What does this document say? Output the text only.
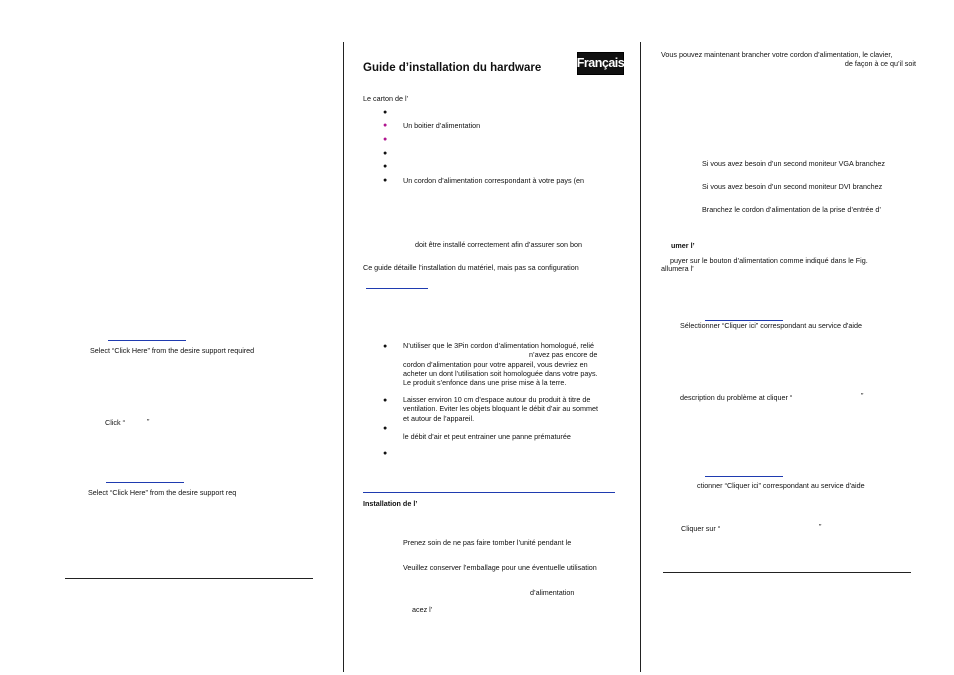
Select “Click Here” from the desire support required
Click “	”
Select “Click Here” from the desire support req
Guide d’installation du hardware	Français
Le carton de l’
●
● Un boitier d’alimentation
●
●
●
● Un cordon d’alimentation correspondant à votre pays (en
doit être installé correctement afin d’assurer son bon
Ce guide détaille l’installation du matériel, mais pas sa configuration
● N’utiliser que le 3Pin cordon d’alimentation homologué, relié
n’avez pas encore de
cordon d’alimentation pour votre appareil, vous devriez en
acheter un dont l’utilisation soit homologuée dans votre pays.
Le produit s’enfonce dans une prise mise à la terre.
● Laisser environ 10 cm d’espace autour du produit à titre de
ventilation. Eviter les objets bloquant le débit d’air au sommet
et autour de l’appareil.
●
le débit d’air et peut entrainer une panne prématurée
●
Installation de l’
Prenez soin de ne pas faire tomber l’unité pendant le
Veuillez conserver l’emballage pour une éventuelle utilisation
d’alimentation
acez l’
Vous pouvez maintenant brancher votre cordon d’alimentation, le clavier,
de façon à ce qu’il soit
Si vous avez besoin d’un second moniteur VGA branchez
Si vous avez besoin d’un second moniteur DVI branchez
Branchez le cordon d’alimentation de la prise d’entrée d’
umer l’
puyer sur le bouton d’alimentation comme indiqué dans le Fig.
allumera l’
Sélectionner “Cliquer ici” correspondant au service d'aide
description du problème at cliquer “	”
ctionner “Cliquer ici” correspondant au service d'aide
Cliquer sur “	”
